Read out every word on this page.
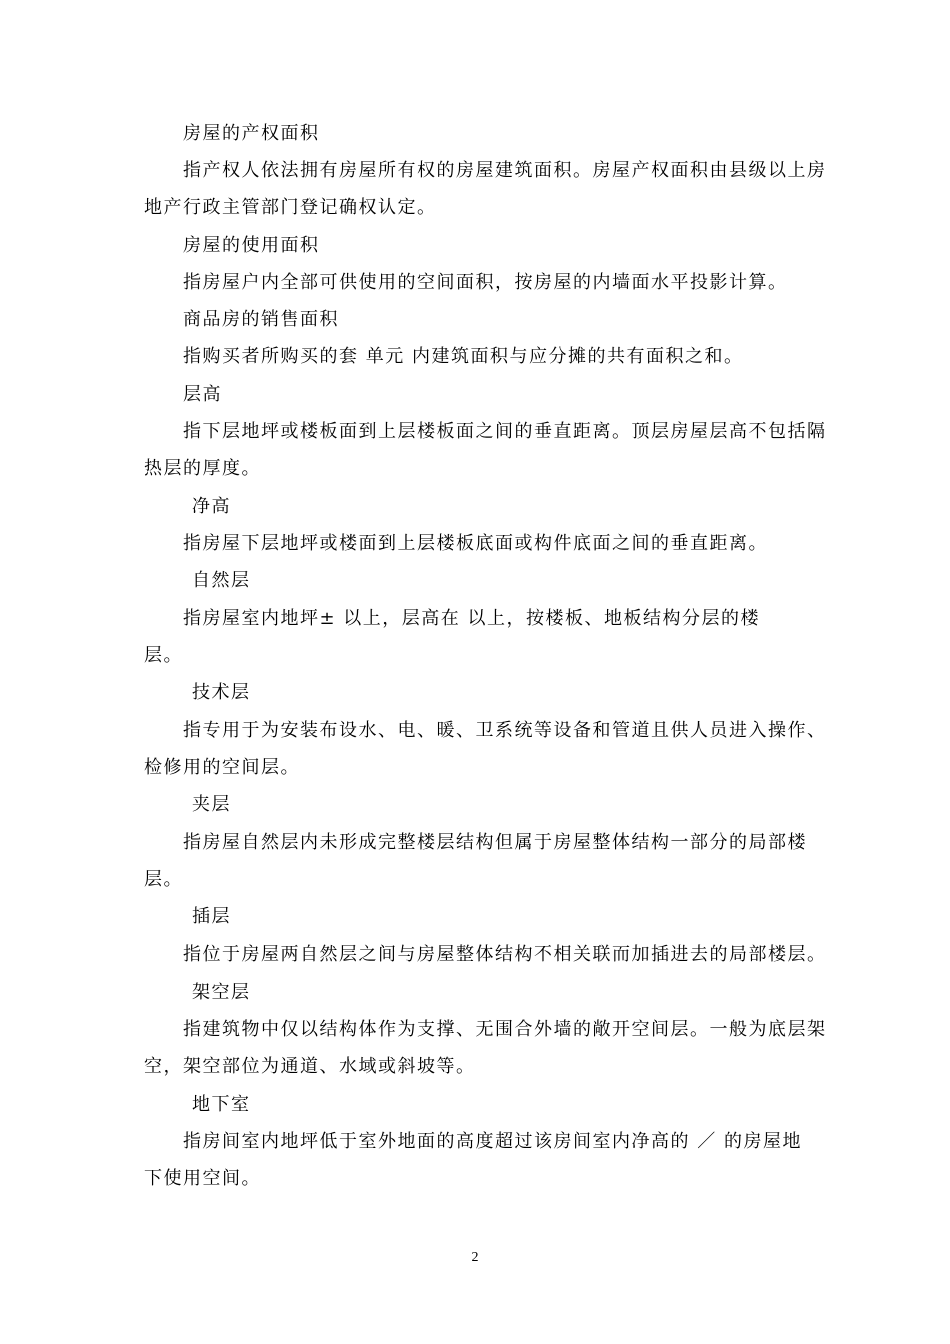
房屋的产权面积
指产权人依法拥有房屋所有权的房屋建筑面积。房屋产权面积由县级以上房
地产行政主管部门登记确权认定。
房屋的使用面积
指房屋户内全部可供使用的空间面积，按房屋的内墙面水平投影计算。
商品房的销售面积
指购买者所购买的套 单元 内建筑面积与应分摊的共有面积之和。
层高
指下层地坪或楼板面到上层楼板面之间的垂直距离。顶层房屋层高不包括隔
热层的厚度。
净高
指房屋下层地坪或楼面到上层楼板底面或构件底面之间的垂直距离。
自然层
指房屋室内地坪± 以上，层高在 以上，按楼板、地板结构分层的楼
层。
技术层
指专用于为安装布设水、电、暖、卫系统等设备和管道且供人员进入操作、
检修用的空间层。
夹层
指房屋自然层内未形成完整楼层结构但属于房屋整体结构一部分的局部楼
层。
插层
指位于房屋两自然层之间与房屋整体结构不相关联而加插进去的局部楼层。
架空层
指建筑物中仅以结构体作为支撑、无围合外墙的敞开空间层。一般为底层架
空，架空部位为通道、水域或斜坡等。
地下室
指房间室内地坪低于室外地面的高度超过该房间室内净高的 ／ 的房屋地
下使用空间。
2
